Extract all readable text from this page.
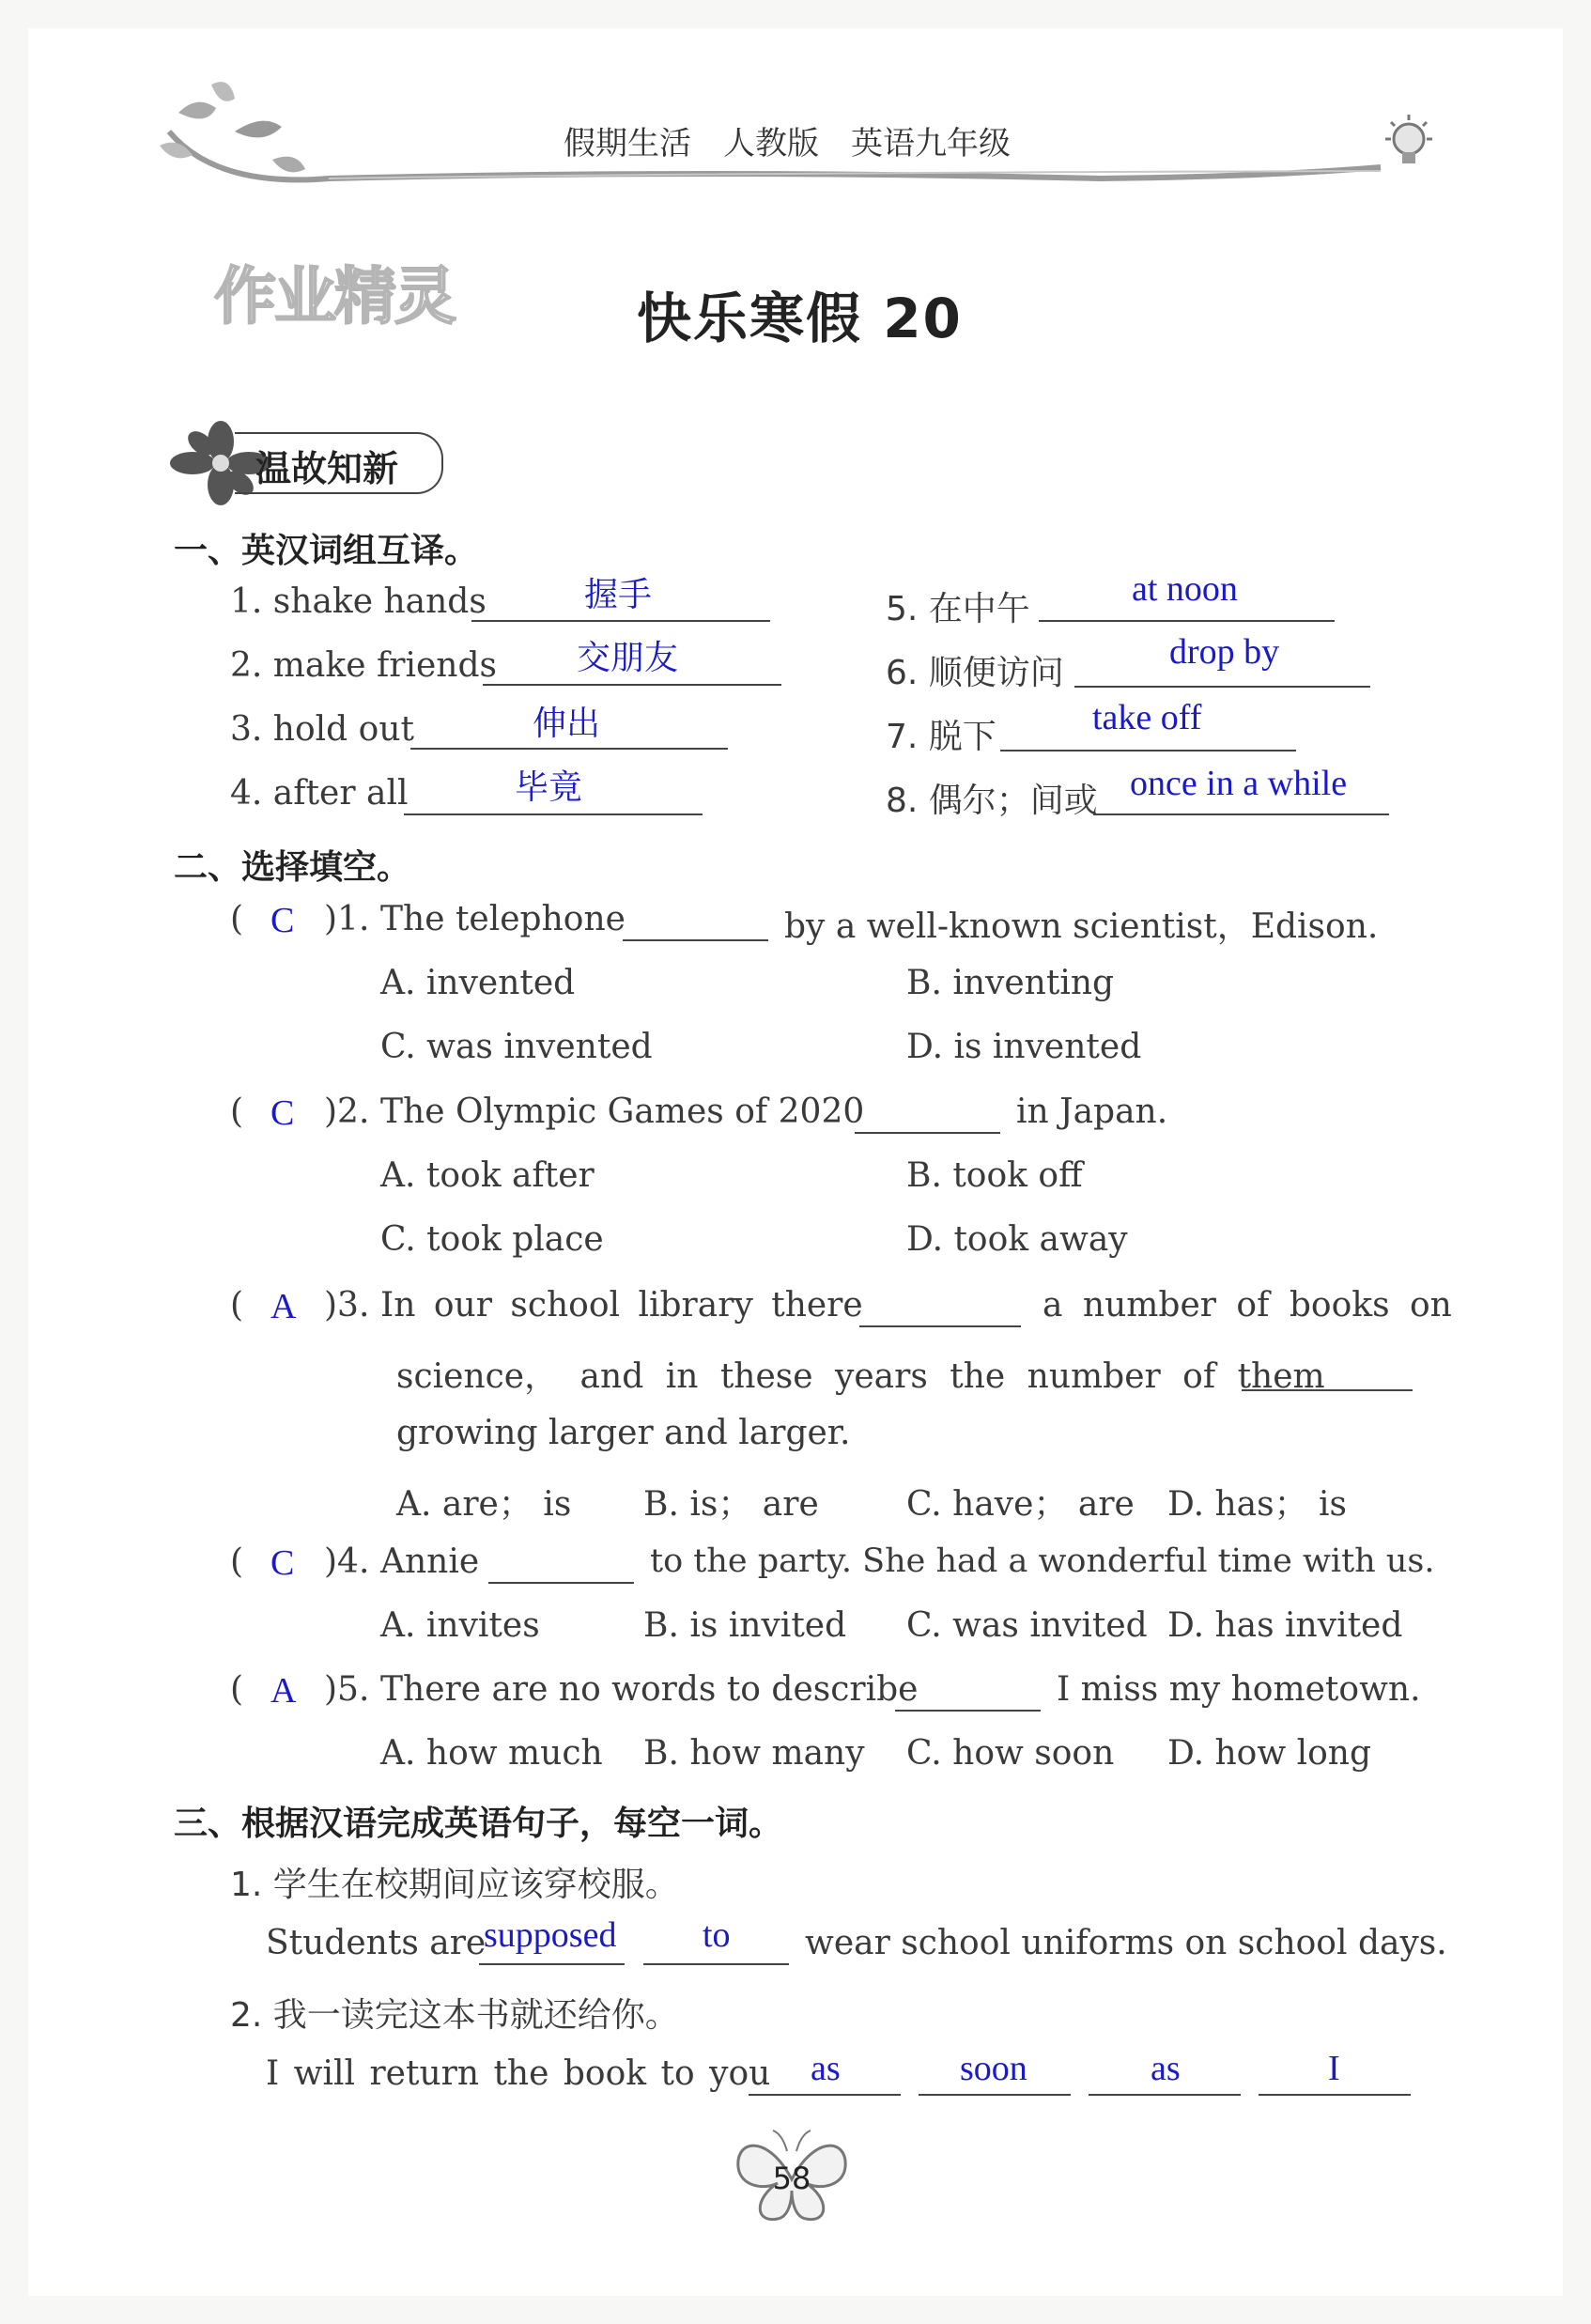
假期生活　人教版　英语九年级
作业精灵	快乐寒假 20
温故知新
一、英汉词组互译。
1. shake hands	握手
2. make friends 交朋友
3. hold out	伸出
4. after all	毕竟
5. 在中午
at noon
6. 顺便访问
drop by
7. 脱下	take off
8. 偶尔；间或 once in a while
二、选择填空。
( C )1. The telephone	by a well-known scientist，Edison.
A. invented	B. inventing
C. was invented	D. is invented
( C )2. The Olympic Games of 2020	in Japan.
A. took after	B. took off
C. took place	D. took away
( A )3. In our school library there	a number of books on
science， and in these years the number of them
growing larger and larger.
A. are； is B. is； are	C. have； are D. has； is
( C )4. Annie	to the party. She had a wonderful time with us.
A. invites	B. is invited C. was invited D. has invited
( A )5. There are no words to describe	I miss my hometown.
A. how much B. how many C. how soon D. how long
三、根据汉语完成英语句子，每空一词。
1. 学生在校期间应该穿校服。
Students are
supposed to wear school uniforms on school days.
2. 我一读完这本书就还给你。
I will return the book to you as	soon	as	I
58
